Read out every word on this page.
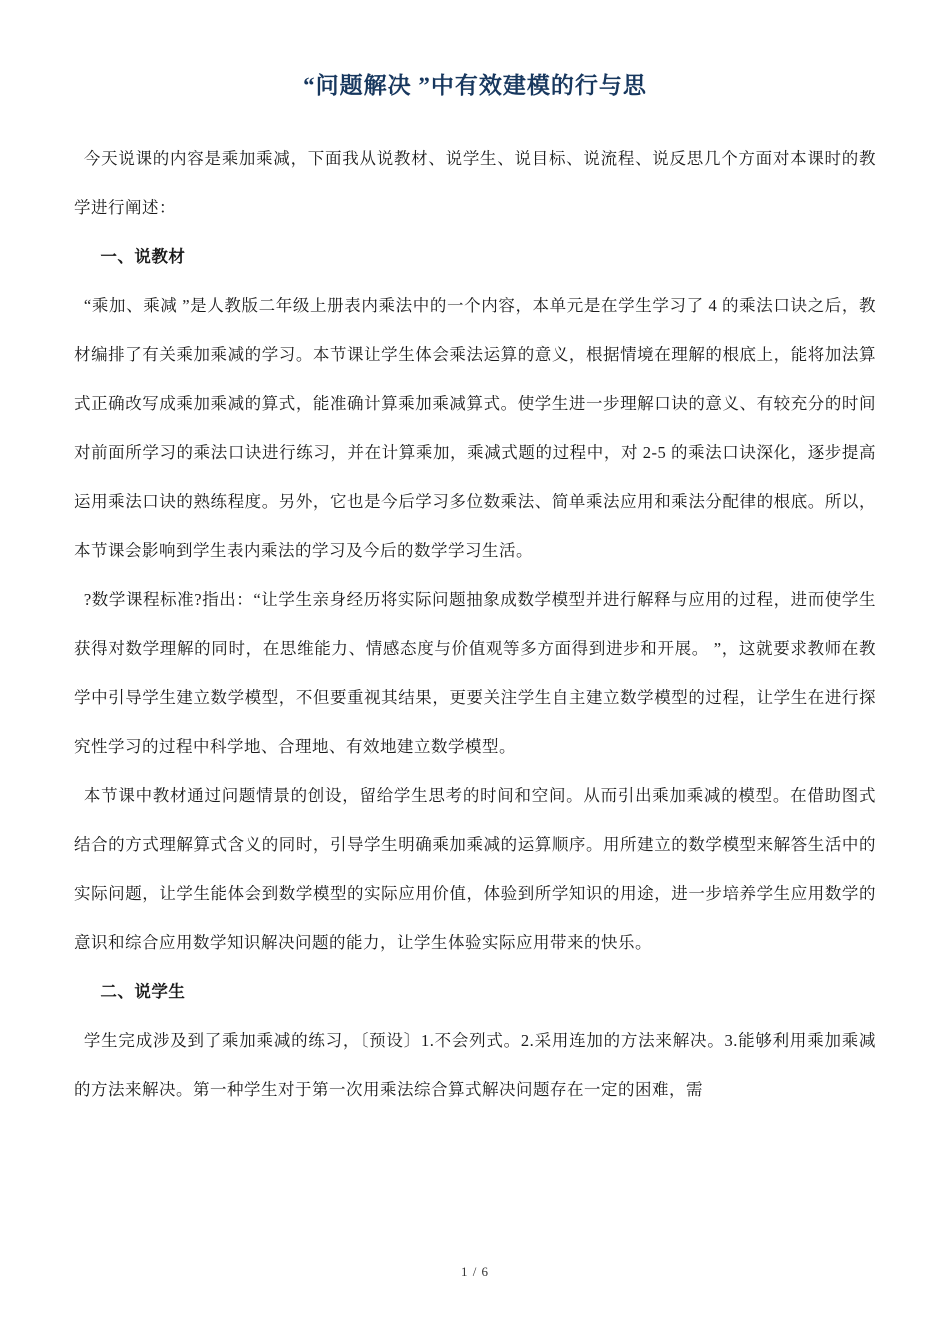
“问题解决 ”中有效建模的行与思

今天说课的内容是乘加乘减，下面我从说教材、说学生、说目标、说流程、说反思几个方面对本课时的教学进行阐述：

一、说教材

“乘加、乘减 ”是人教版二年级上册表内乘法中的一个内容，本单元是在学生学习了 4 的乘法口诀之后，教材编排了有关乘加乘减的学习。本节课让学生体会乘法运算的意义，根据情境在理解的根底上，能将加法算式正确改写成乘加乘减的算式，能准确计算乘加乘减算式。使学生进一步理解口诀的意义、有较充分的时间对前面所学习的乘法口诀进行练习，并在计算乘加，乘减式题的过程中，对 2-5 的乘法口诀深化，逐步提高运用乘法口诀的熟练程度。另外，它也是今后学习多位数乘法、简单乘法应用和乘法分配律的根底。所以，本节课会影响到学生表内乘法的学习及今后的数学学习生活。

?数学课程标准?指出：“让学生亲身经历将实际问题抽象成数学模型并进行解释与应用的过程，进而使学生获得对数学理解的同时，在思维能力、情感态度与价值观等多方面得到进步和开展。 ”，这就要求教师在教学中引导学生建立数学模型，不但要重视其结果，更要关注学生自主建立数学模型的过程，让学生在进行探究性学习的过程中科学地、合理地、有效地建立数学模型。

本节课中教材通过问题情景的创设，留给学生思考的时间和空间。从而引出乘加乘减的模型。在借助图式结合的方式理解算式含义的同时，引导学生明确乘加乘减的运算顺序。用所建立的数学模型来解答生活中的实际问题，让学生能体会到数学模型的实际应用价值，体验到所学知识的用途，进一步培养学生应用数学的意识和综合应用数学知识解决问题的能力，让学生体验实际应用带来的快乐。

二、说学生

学生完成涉及到了乘加乘减的练习，〔预设〕1.不会列式。2.采用连加的方法来解决。3.能够利用乘加乘减的方法来解决。第一种学生对于第一次用乘法综合算式解决问题存在一定的困难，需

1 / 6
